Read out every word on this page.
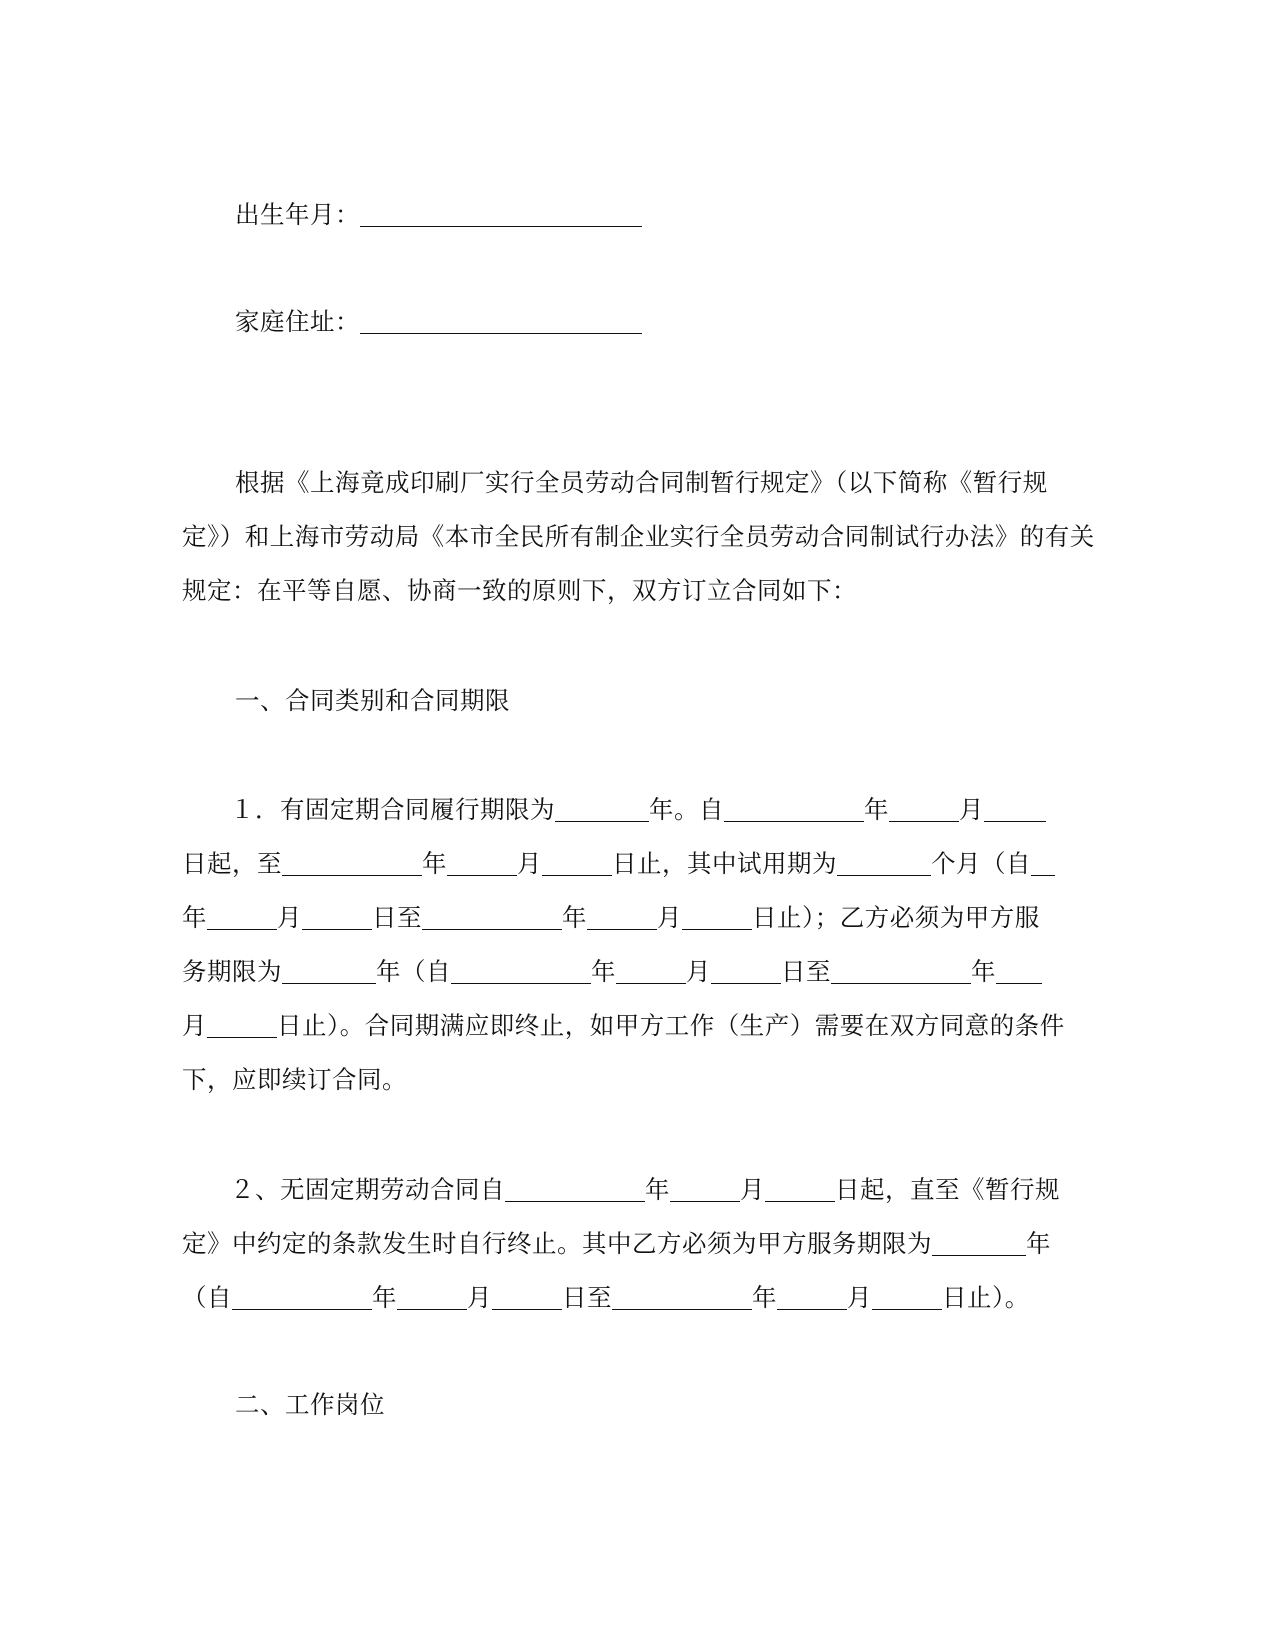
出生年月：
家庭住址：
根据《上海竟成印刷厂实行全员劳动合同制暂行规定》（以下简称《暂行规
定》）和上海市劳动局《本市全民所有制企业实行全员劳动合同制试行办法》的有关
规定：在平等自愿、协商一致的原则下，双方订立合同如下：
一、合同类别和合同期限
１．有固定期合同履行期限为	年。自	年	月
日起，至	年	月	日止，其中试用期为	个月（自
年	月	日至	年	月	日止）；乙方必须为甲方服
务期限为	年（自	年	月	日至	年
月	日止）。合同期满应即终止，如甲方工作（生产）需要在双方同意的条件
下，应即续订合同。
２、无固定期劳动合同自	年	月	日起，直至《暂行规
定》中约定的条款发生时自行终止。其中乙方必须为甲方服务期限为	年
（自	年	月	日至	年	月	日止）。
二、工作岗位
